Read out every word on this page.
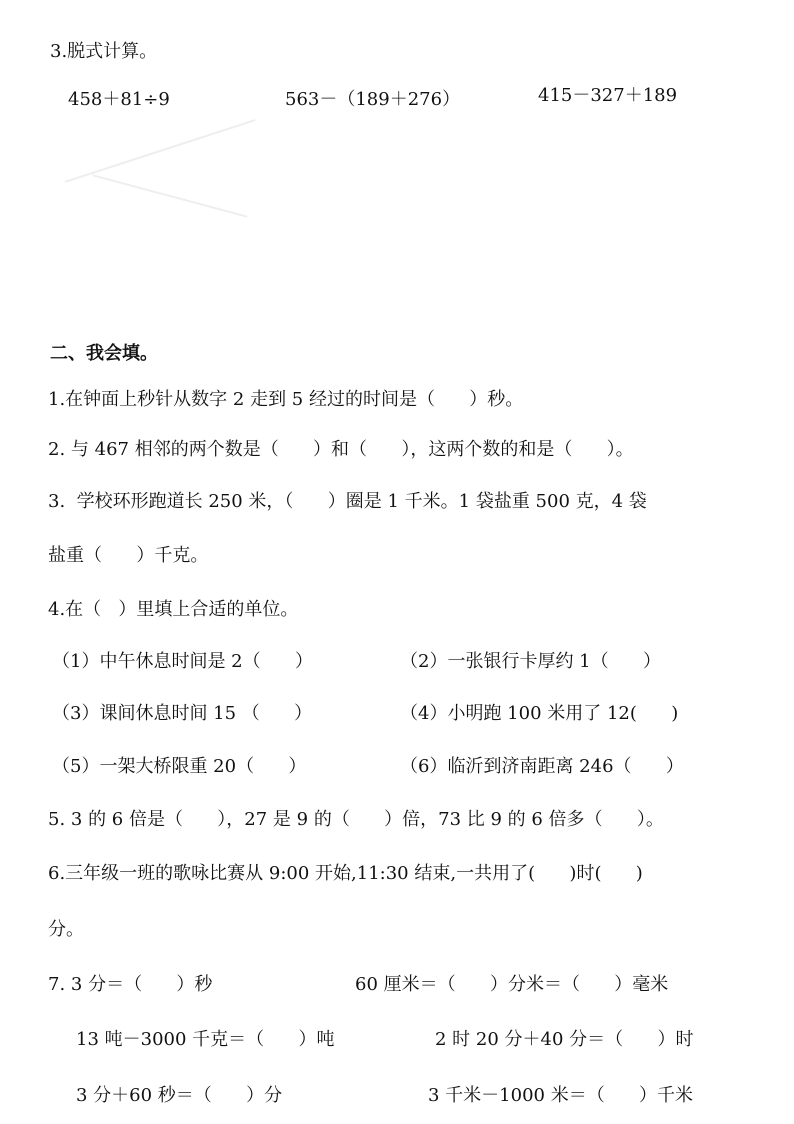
3.脱式计算。
458＋81÷9	563－（189＋276）	415－327＋189
二、我会填。
1.在钟面上秒针从数字 2 走到 5 经过的时间是（      ）秒。
2. 与 467 相邻的两个数是（      ）和（      ），这两个数的和是（      ）。
3.  学校环形跑道长 250 米，（      ）圈是 1 千米。1 袋盐重 500 克，4 袋
盐重（      ）千克。
4.在（   ）里填上合适的单位。
（1）中午休息时间是 2（      ）	（2）一张银行卡厚约 1（      ）
（3）课间休息时间 15 （      ）	（4）小明跑 100 米用了 12(      )
（5）一架大桥限重 20（      ）	（6）临沂到济南距离 246（      ）
5. 3 的 6 倍是（      ），27 是 9 的（      ）倍，73 比 9 的 6 倍多（      ）。
6.三年级一班的歌咏比赛从 9:00 开始,11:30 结束,一共用了(      )时(      )
分。
7. 3 分＝（      ）秒	60 厘米＝（      ）分米＝（      ）毫米
13 吨－3000 千克＝（      ）吨	2 时 20 分＋40 分＝（      ）时
3 分＋60 秒＝（      ）分	3 千米－1000 米＝（      ）千米
